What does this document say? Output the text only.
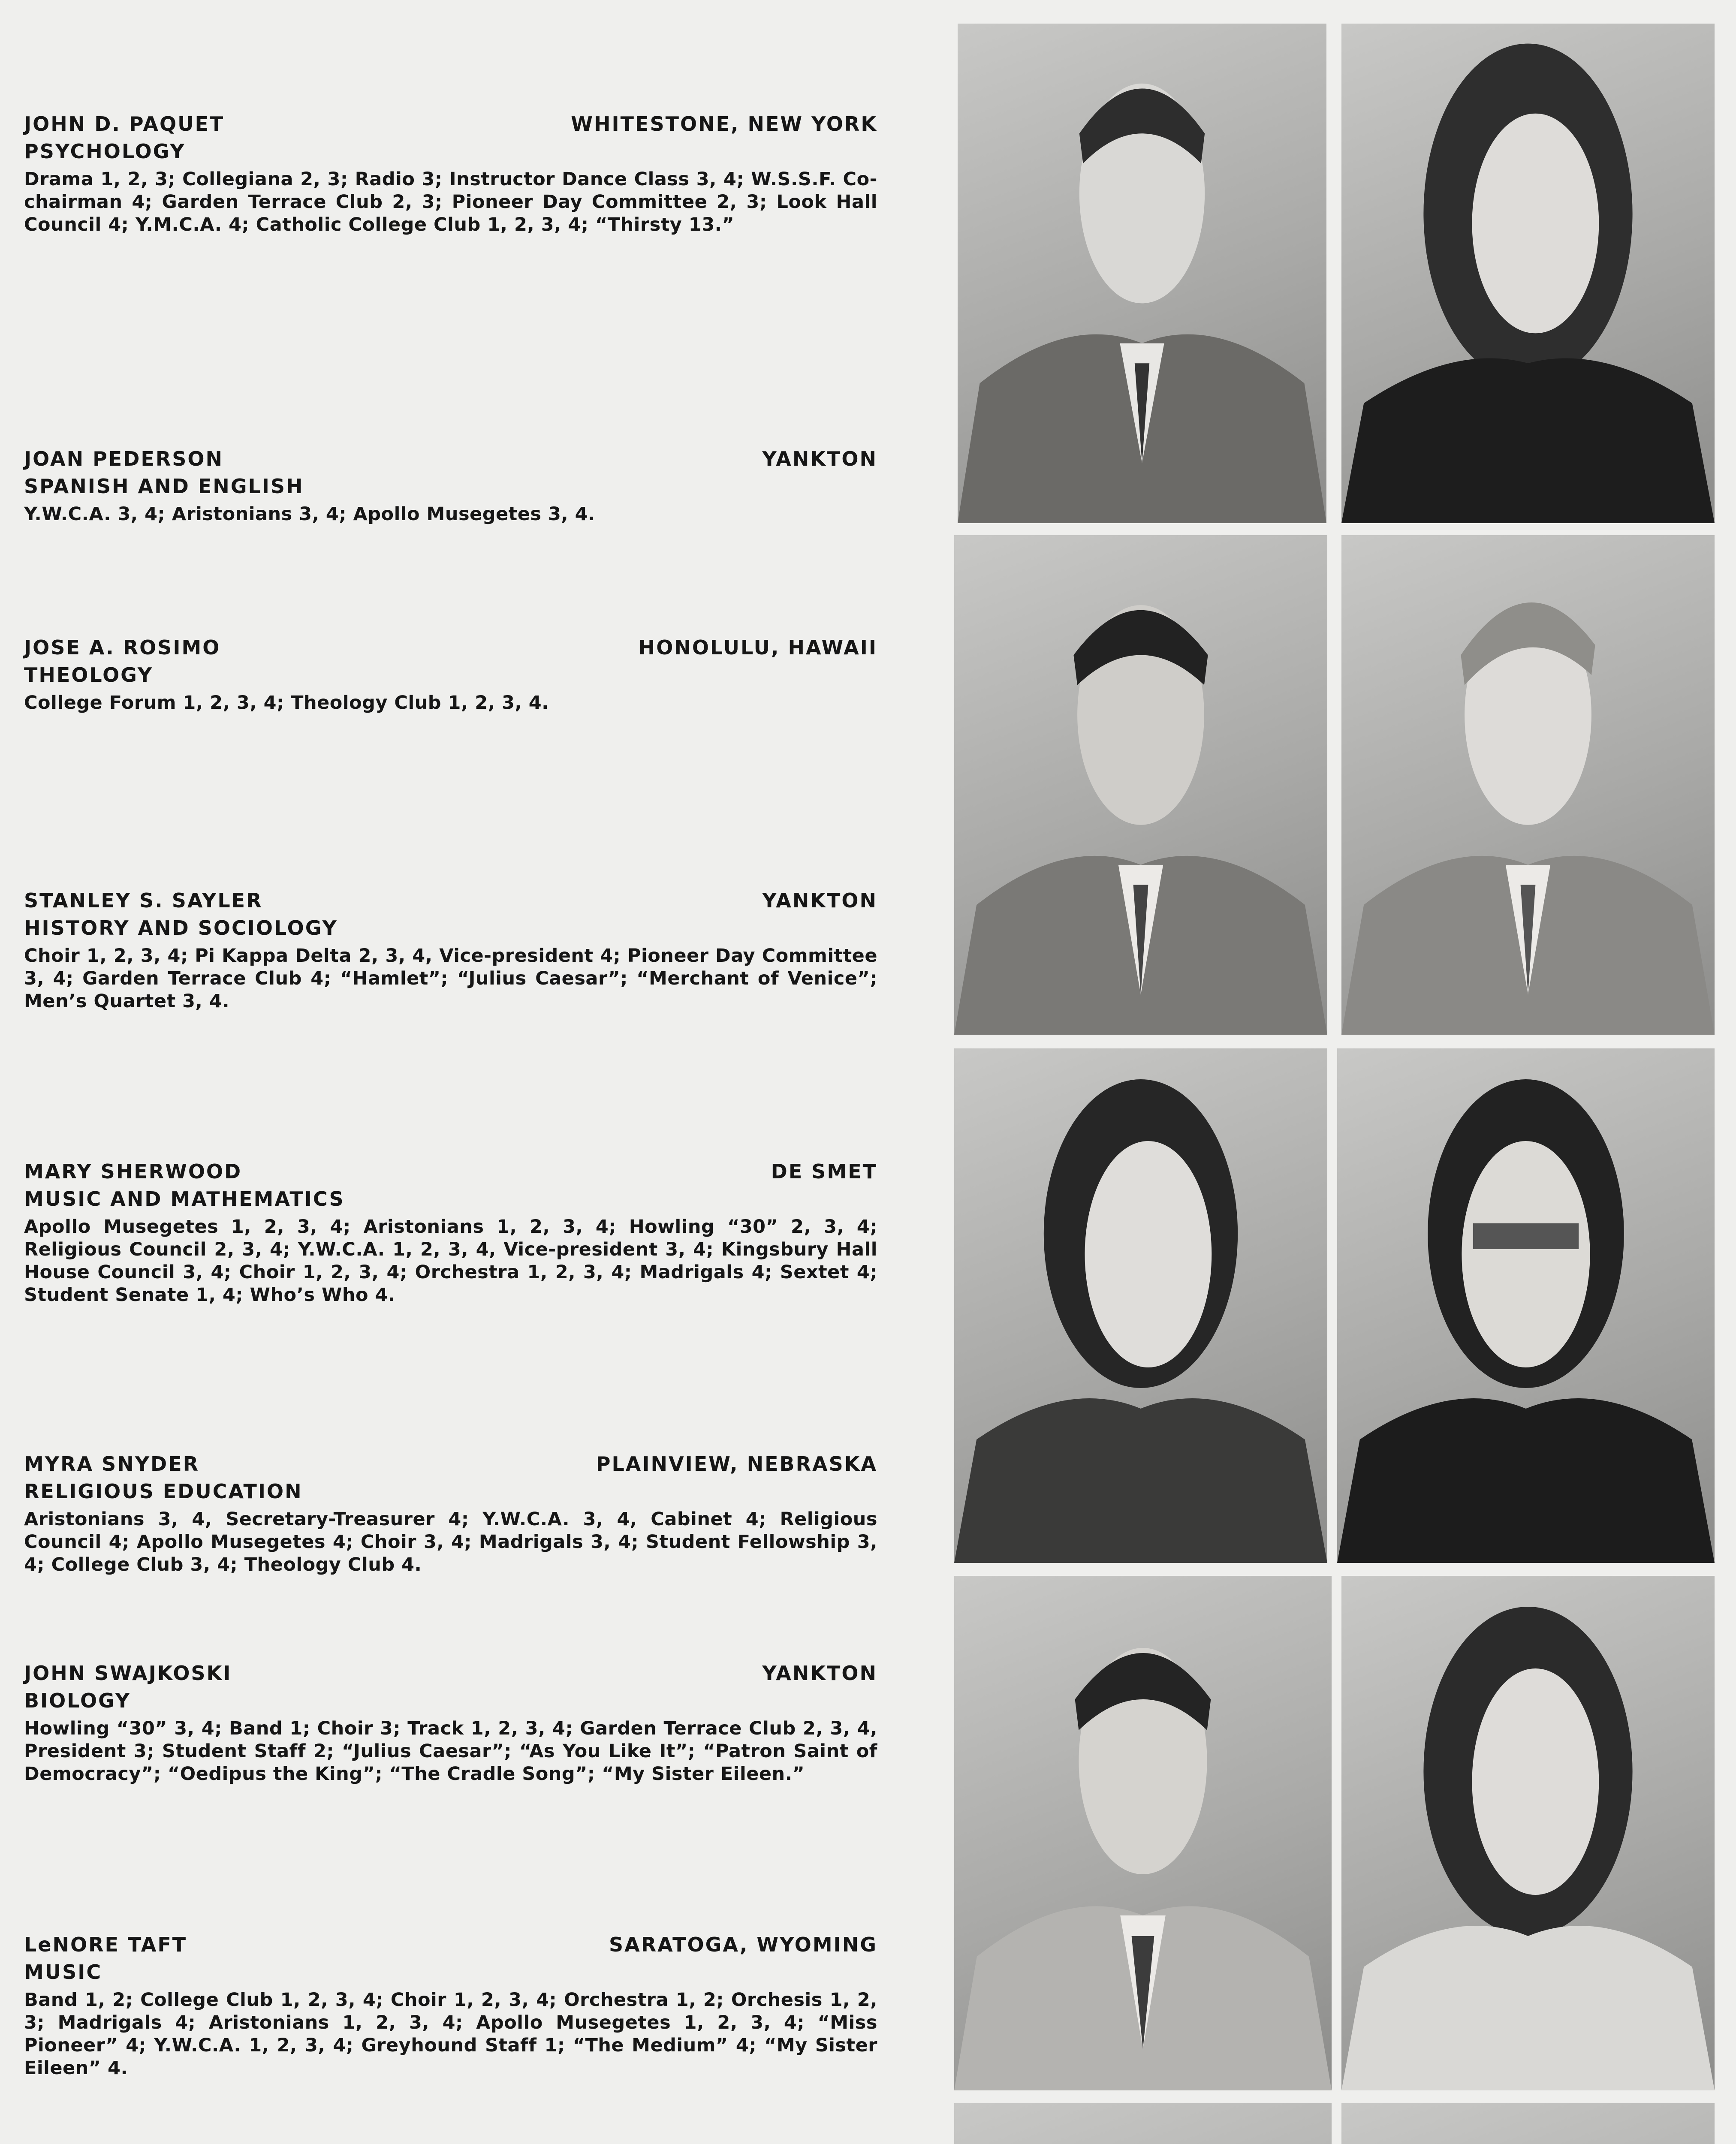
JOHN D. PAQUET	WHITESTONE, NEW YORK
PSYCHOLOGY
Drama 1, 2, 3; Collegiana 2, 3; Radio 3; Instructor Dance Class 3, 4; W.S.S.F. Co-chairman 4; Garden Terrace Club 2, 3; Pioneer Day Committee 2, 3; Look Hall Council 4; Y.M.C.A. 4; Catholic College Club 1, 2, 3, 4; “Thirsty 13.”
JOAN PEDERSON	YANKTON
SPANISH AND ENGLISH
Y.W.C.A. 3, 4; Aristonians 3, 4; Apollo Musegetes 3, 4.
JOSE A. ROSIMO	HONOLULU, HAWAII
THEOLOGY
College Forum 1, 2, 3, 4; Theology Club 1, 2, 3, 4.
STANLEY S. SAYLER	YANKTON
HISTORY AND SOCIOLOGY
Choir 1, 2, 3, 4; Pi Kappa Delta 2, 3, 4, Vice-president 4; Pioneer Day Committee 3, 4; Garden Terrace Club 4; “Hamlet”; “Julius Caesar”; “Merchant of Venice”; Men’s Quartet 3, 4.
MARY SHERWOOD	DE SMET
MUSIC AND MATHEMATICS
Apollo Musegetes 1, 2, 3, 4; Aristonians 1, 2, 3, 4; Howling “30” 2, 3, 4; Religious Council 2, 3, 4; Y.W.C.A. 1, 2, 3, 4, Vice-president 3, 4; Kingsbury Hall House Council 3, 4; Choir 1, 2, 3, 4; Orchestra 1, 2, 3, 4; Madrigals 4; Sextet 4; Student Senate 1, 4; Who’s Who 4.
MYRA SNYDER	PLAINVIEW, NEBRASKA
RELIGIOUS EDUCATION
Aristonians 3, 4, Secretary-Treasurer 4; Y.W.C.A. 3, 4, Cabinet 4; Religious Council 4; Apollo Musegetes 4; Choir 3, 4; Madrigals 3, 4; Student Fellowship 3, 4; College Club 3, 4; Theology Club 4.
JOHN SWAJKOSKI	YANKTON
BIOLOGY
Howling “30” 3, 4; Band 1; Choir 3; Track 1, 2, 3, 4; Garden Terrace Club 2, 3, 4, President 3; Student Staff 2; “Julius Caesar”; “As You Like It”; “Patron Saint of Democracy”; “Oedipus the King”; “The Cradle Song”; “My Sister Eileen.”
LeNORE TAFT	SARATOGA, WYOMING
MUSIC
Band 1, 2; College Club 1, 2, 3, 4; Choir 1, 2, 3, 4; Orchestra 1, 2; Orchesis 1, 2, 3; Madrigals 4; Aristonians 1, 2, 3, 4; Apollo Musegetes 1, 2, 3, 4; “Miss Pioneer” 4; Y.W.C.A. 1, 2, 3, 4; Greyhound Staff 1; “The Medium” 4; “My Sister Eileen” 4.
